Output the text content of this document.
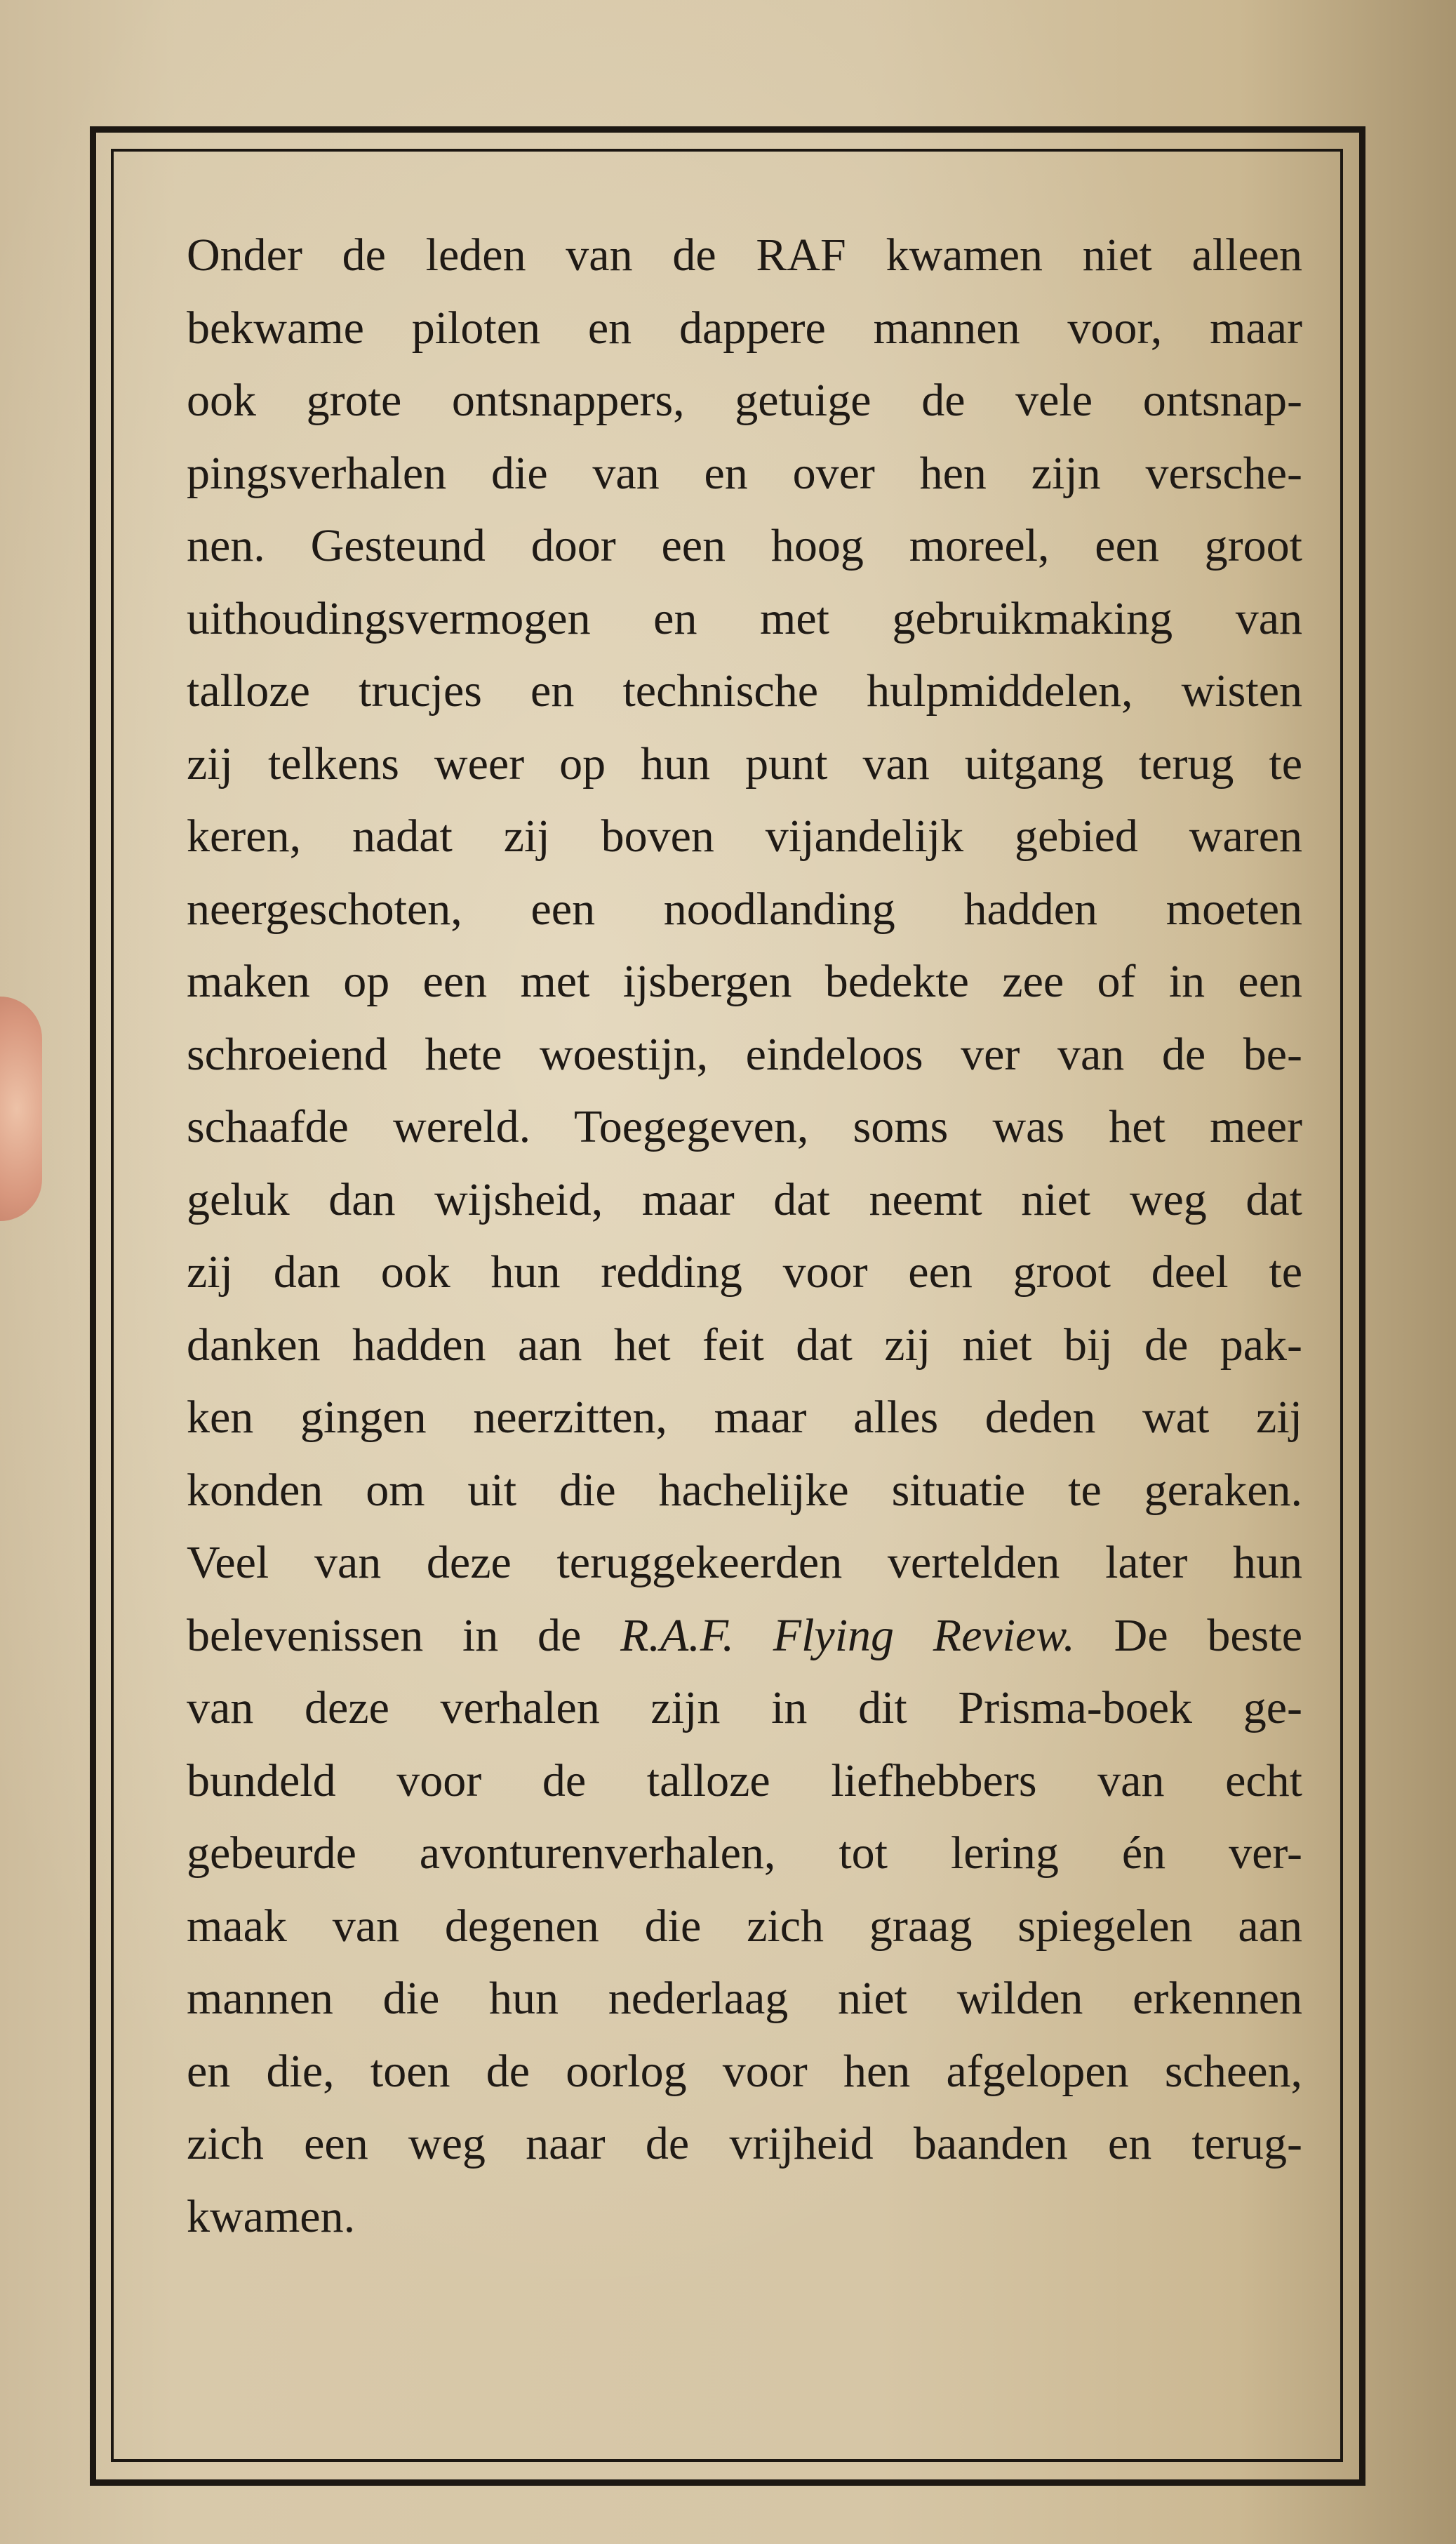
Onder de leden van de RAF kwamen niet alleen
bekwame piloten en dappere mannen voor, maar
ook grote ontsnappers, getuige de vele ontsnap-
pingsverhalen die van en over hen zijn versche-
nen. Gesteund door een hoog moreel, een groot
uithoudingsvermogen en met gebruikmaking van
talloze trucjes en technische hulpmiddelen, wisten
zij telkens weer op hun punt van uitgang terug te
keren, nadat zij boven vijandelijk gebied waren
neergeschoten, een noodlanding hadden moeten
maken op een met ijsbergen bedekte zee of in een
schroeiend hete woestijn, eindeloos ver van de be-
schaafde wereld. Toegegeven, soms was het meer
geluk dan wijsheid, maar dat neemt niet weg dat
zij dan ook hun redding voor een groot deel te
danken hadden aan het feit dat zij niet bij de pak-
ken gingen neerzitten, maar alles deden wat zij
konden om uit die hachelijke situatie te geraken.
Veel van deze teruggekeerden vertelden later hun
belevenissen in de R.A.F. Flying Review. De beste
van deze verhalen zijn in dit Prisma-boek ge-
bundeld voor de talloze liefhebbers van echt
gebeurde avonturenverhalen, tot lering én ver-
maak van degenen die zich graag spiegelen aan
mannen die hun nederlaag niet wilden erkennen
en die, toen de oorlog voor hen afgelopen scheen,
zich een weg naar de vrijheid baanden en terug-
kwamen.
